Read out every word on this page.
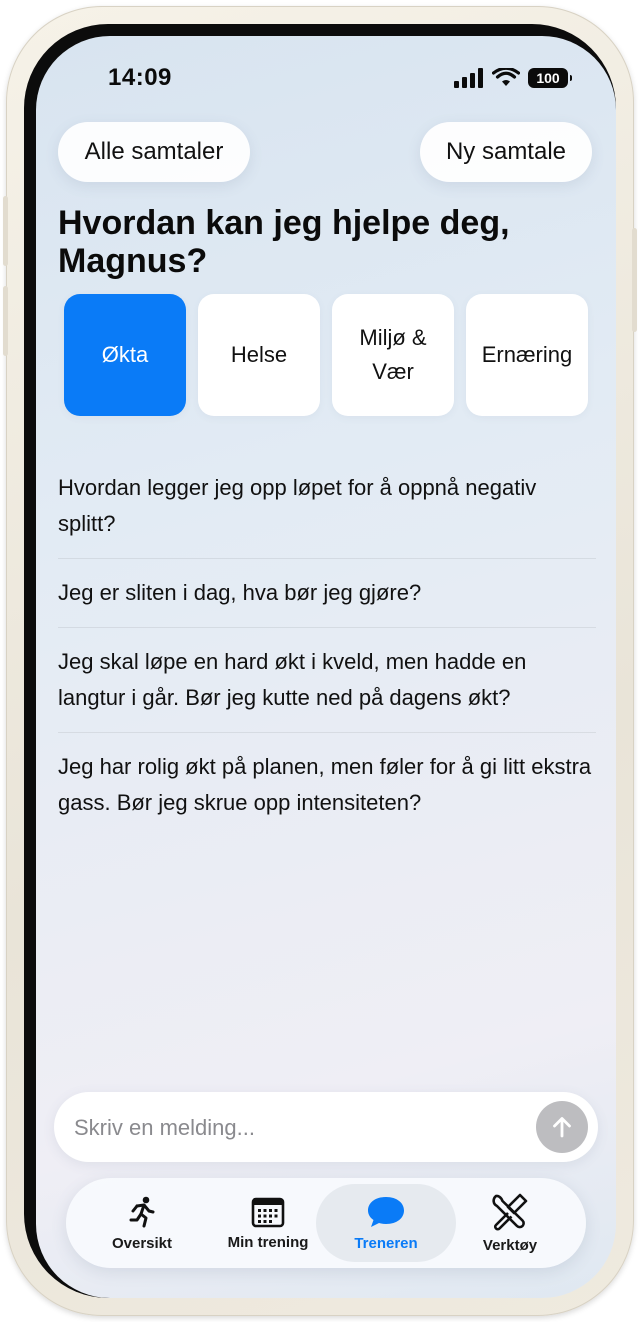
14:09	100
Alle samtaler	Ny samtale
Hvordan kan jeg hjelpe deg, Magnus?
Økta	Helse
Miljø & Vær
Ernæring
Hvordan legger jeg opp løpet for å oppnå negativ splitt?
Jeg er sliten i dag, hva bør jeg gjøre?
Jeg skal løpe en hard økt i kveld, men hadde en langtur i går. Bør jeg kutte ned på dagens økt?
Jeg har rolig økt på planen, men føler for å gi litt ekstra gass. Bør jeg skrue opp intensiteten?
Skriv en melding...
Oversikt	Min trening	Treneren	Verktøy
